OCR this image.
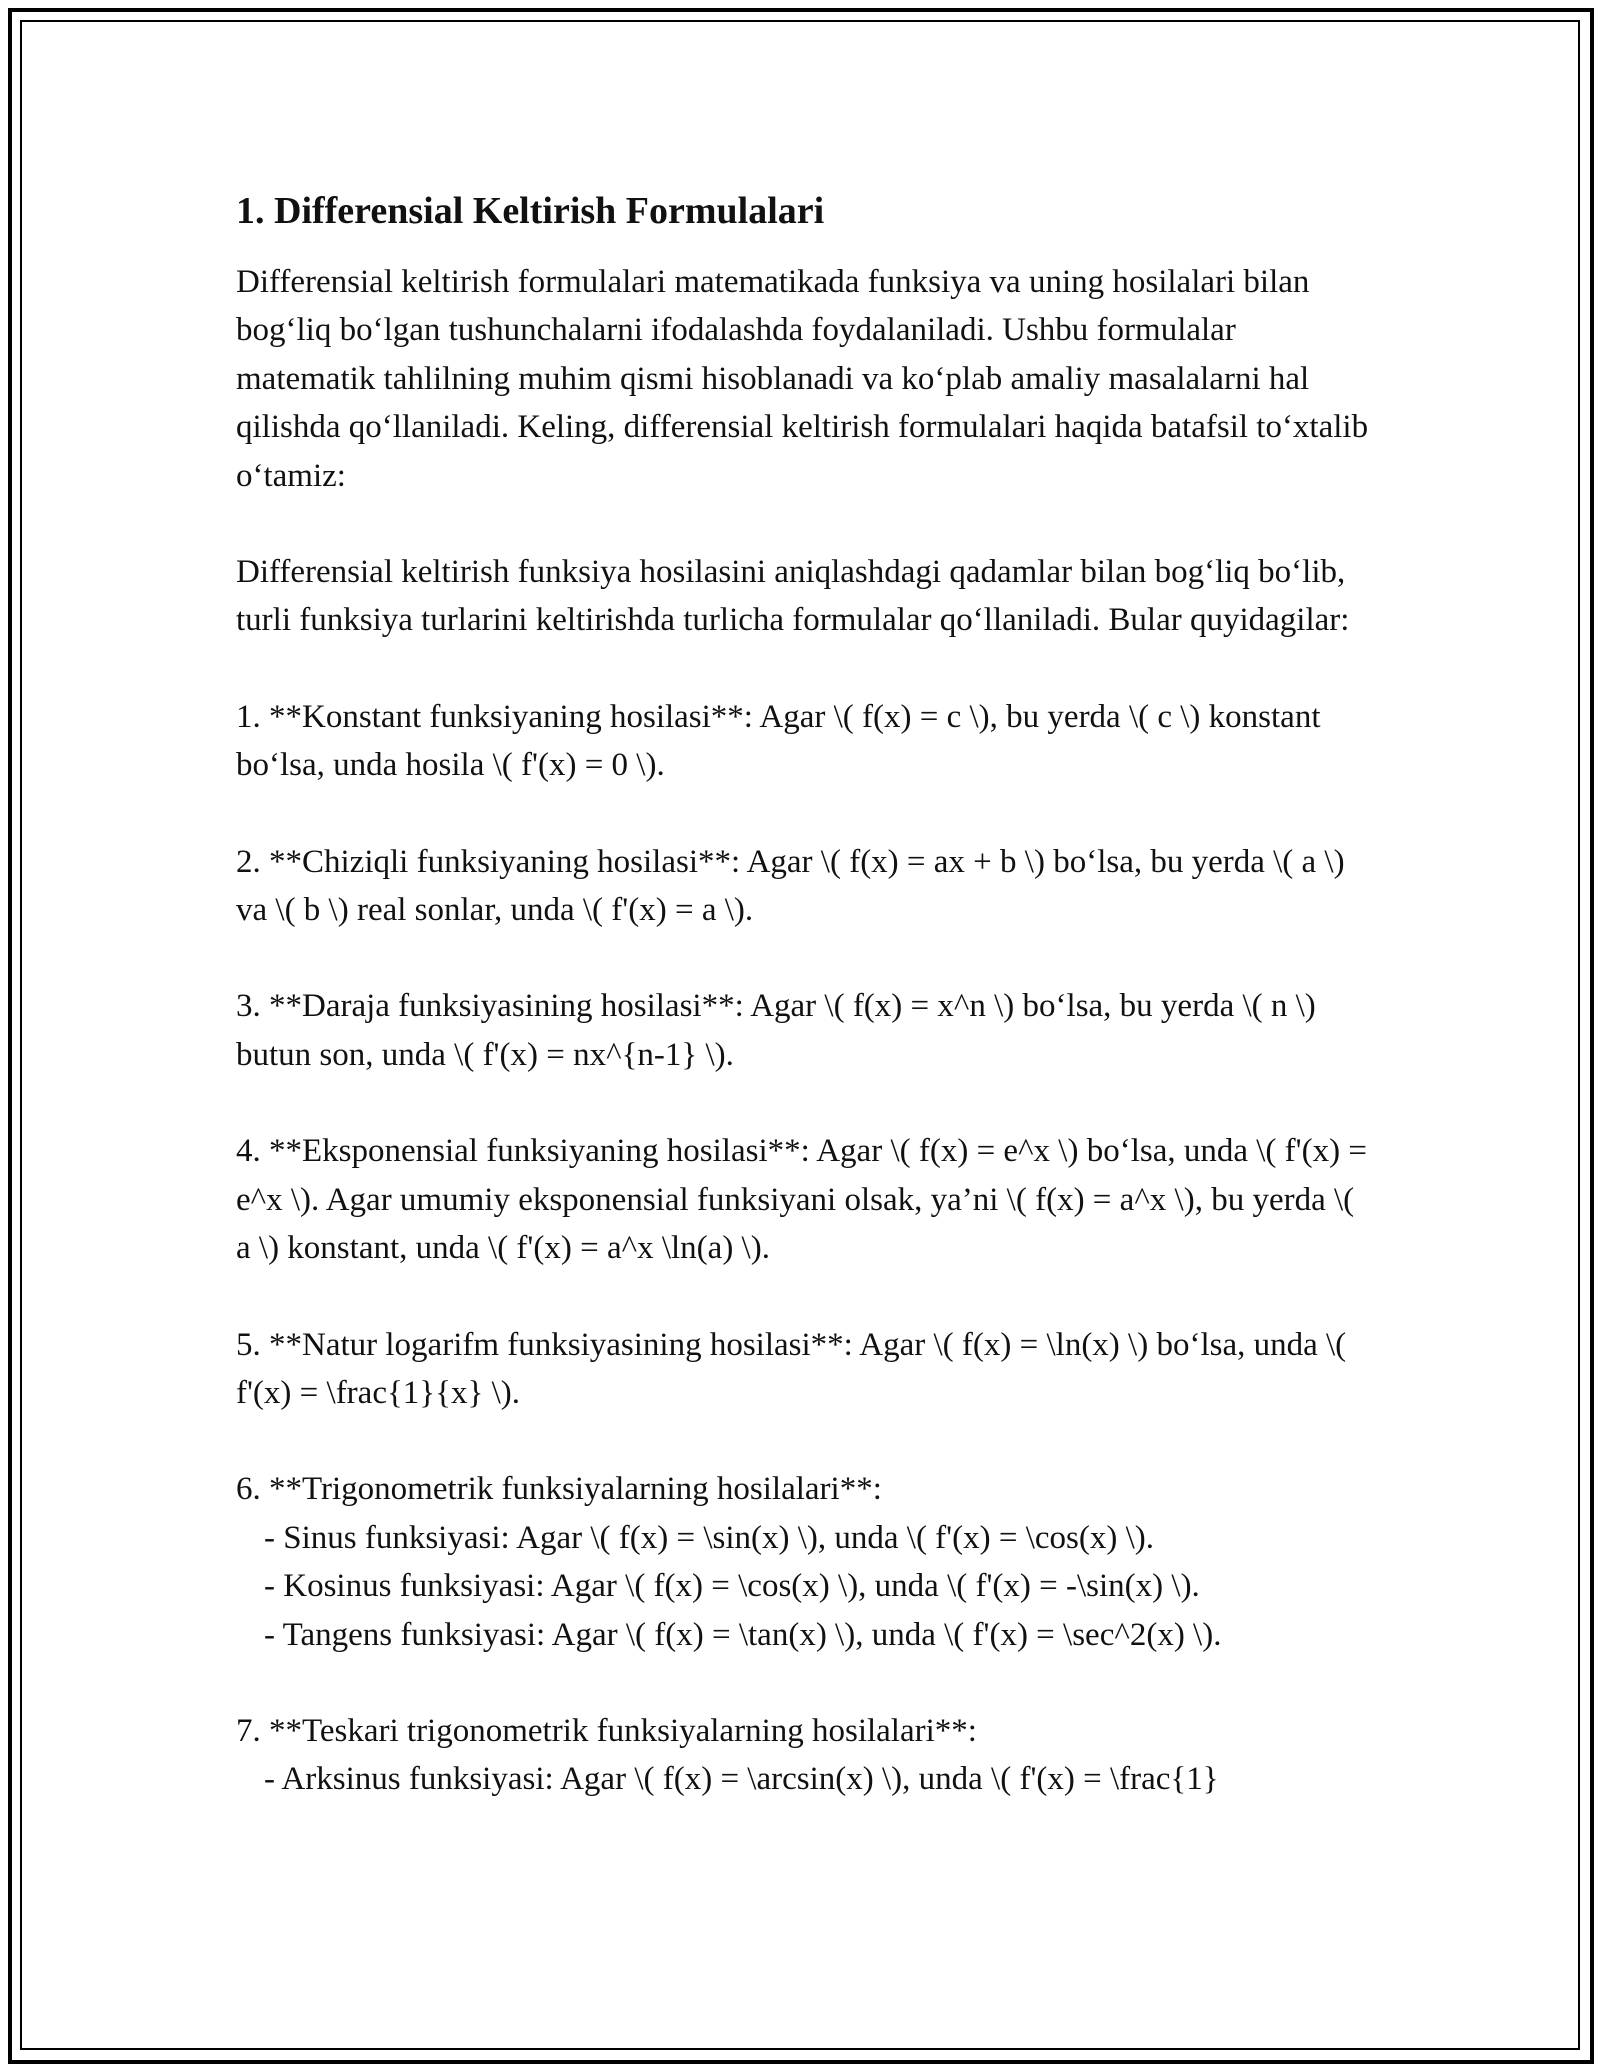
1. Differensial Keltirish Formulalari

Differensial keltirish formulalari matematikada funksiya va uning hosilalari bilan bog‘liq bo‘lgan tushunchalarni ifodalashda foydalaniladi. Ushbu formulalar matematik tahlilning muhim qismi hisoblanadi va ko‘plab amaliy masalalarni hal qilishda qo‘llaniladi. Keling, differensial keltirish formulalari haqida batafsil to‘xtalib o‘tamiz:

Differensial keltirish funksiya hosilasini aniqlashdagi qadamlar bilan bog‘liq bo‘lib, turli funksiya turlarini keltirishda turlicha formulalar qo‘llaniladi. Bular quyidagilar:

1. **Konstant funksiyaning hosilasi**: Agar \( f(x) = c \), bu yerda \( c \) konstant bo‘lsa, unda hosila \( f'(x) = 0 \).
2. **Chiziqli funksiyaning hosilasi**: Agar \( f(x) = ax + b \) bo‘lsa, bu yerda \( a \) va \( b \) real sonlar, unda \( f'(x) = a \).
3. **Daraja funksiyasining hosilasi**: Agar \( f(x) = x^n \) bo‘lsa, bu yerda \( n \) butun son, unda \( f'(x) = nx^{n-1} \).
4. **Eksponensial funksiyaning hosilasi**: Agar \( f(x) = e^x \) bo‘lsa, unda \( f'(x) = e^x \). Agar umumiy eksponensial funksiyani olsak, ya’ni \( f(x) = a^x \), bu yerda \( a \) konstant, unda \( f'(x) = a^x \ln(a) \).
5. **Natur logarifm funksiyasining hosilasi**: Agar \( f(x) = \ln(x) \) bo‘lsa, unda \( f'(x) = \frac{1}{x} \).
6. **Trigonometrik funksiyalarning hosilalari**:
- Sinus funksiyasi: Agar \( f(x) = \sin(x) \), unda \( f'(x) = \cos(x) \).
- Kosinus funksiyasi: Agar \( f(x) = \cos(x) \), unda \( f'(x) = -\sin(x) \).
- Tangens funksiyasi: Agar \( f(x) = \tan(x) \), unda \( f'(x) = \sec^2(x) \).
7. **Teskari trigonometrik funksiyalarning hosilalari**:
- Arksinus funksiyasi: Agar \( f(x) = \arcsin(x) \), unda \( f'(x) = \frac{1}
